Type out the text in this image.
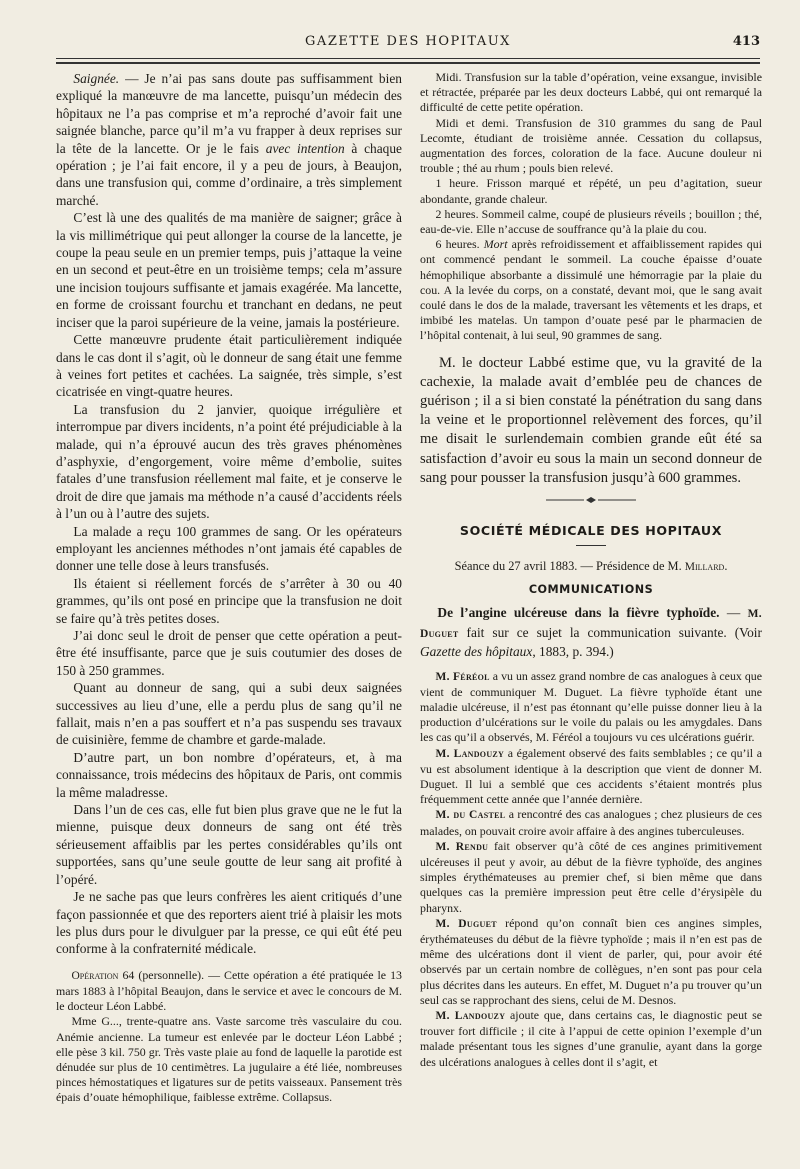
GAZETTE DES HOPITAUX	413

Saignée. — Je n’ai pas sans doute pas suffisamment bien expliqué la manœuvre de ma lancette, puisqu’un médecin des hôpitaux ne l’a pas comprise et m’a reproché d’avoir fait une saignée blanche, parce qu’il m’a vu frapper à deux reprises sur la tête de la lancette. Or je le fais avec intention à chaque opération ; je l’ai fait encore, il y a peu de jours, à Beaujon, dans une transfusion qui, comme d’ordinaire, a très simplement marché.

C’est là une des qualités de ma manière de saigner; grâce à la vis millimétrique qui peut allonger la course de la lancette, je coupe la peau seule en un premier temps, puis j’attaque la veine en un second et peut-être en un troisième temps; cela m’assure une incision toujours suffisante et jamais exagérée. Ma lancette, en forme de croissant fourchu et tranchant en dedans, ne peut inciser que la paroi supérieure de la veine, jamais la postérieure.

Cette manœuvre prudente était particulièrement indiquée dans le cas dont il s’agit, où le donneur de sang était une femme à veines fort petites et cachées. La saignée, très simple, s’est cicatrisée en vingt-quatre heures.

La transfusion du 2 janvier, quoique irrégulière et interrompue par divers incidents, n’a point été préjudiciable à la malade, qui n’a éprouvé aucun des très graves phénomènes d’asphyxie, d’engorgement, voire même d’embolie, suites fatales d’une transfusion réellement mal faite, et je conserve le droit de dire que jamais ma méthode n’a causé d’accidents réels à l’un ou à l’autre des sujets.

La malade a reçu 100 grammes de sang. Or les opérateurs employant les anciennes méthodes n’ont jamais été capables de donner une telle dose à leurs transfusés.

Ils étaient si réellement forcés de s’arrêter à 30 ou 40 grammes, qu’ils ont posé en principe que la transfusion ne doit se faire qu’à très petites doses.

J’ai donc seul le droit de penser que cette opération a peut-être été insuffisante, parce que je suis coutumier des doses de 150 à 250 grammes.

Quant au donneur de sang, qui a subi deux saignées successives au lieu d’une, elle a perdu plus de sang qu’il ne fallait, mais n’en a pas souffert et n’a pas suspendu ses travaux de cuisinière, femme de chambre et garde-malade.

D’autre part, un bon nombre d’opérateurs, et, à ma connaissance, trois médecins des hôpitaux de Paris, ont commis la même maladresse.

Dans l’un de ces cas, elle fut bien plus grave que ne le fut la mienne, puisque deux donneurs de sang ont été très sérieusement affaiblis par les pertes considérables qu’ils ont supportées, sans qu’une seule goutte de leur sang ait profité à l’opéré.

Je ne sache pas que leurs confrères les aient critiqués d’une façon passionnée et que des reporters aient trié à plaisir les mots les plus durs pour le divulguer par la presse, ce qui eût été peu conforme à la confraternité médicale.

Opération 64 (personnelle). — Cette opération a été pratiquée le 13 mars 1883 à l’hôpital Beaujon, dans le service et avec le concours de M. le docteur Léon Labbé.

Mme G..., trente-quatre ans. Vaste sarcome très vasculaire du cou. Anémie ancienne. La tumeur est enlevée par le docteur Léon Labbé ; elle pèse 3 kil. 750 gr. Très vaste plaie au fond de laquelle la parotide est dénudée sur plus de 10 centimètres. La jugulaire a été liée, nombreuses pinces hémostatiques et ligatures sur de petits vaisseaux. Pansement très épais d’ouate hémophilique, faiblesse extrême. Collapsus.

Midi. Transfusion sur la table d’opération, veine exsangue, invisible et rétractée, préparée par les deux docteurs Labbé, qui ont remarqué la difficulté de cette petite opération.

Midi et demi. Transfusion de 310 grammes du sang de Paul Lecomte, étudiant de troisième année. Cessation du collapsus, augmentation des forces, coloration de la face. Aucune douleur ni trouble ; thé au rhum ; pouls bien relevé.

1 heure. Frisson marqué et répété, un peu d’agitation, sueur abondante, grande chaleur.

2 heures. Sommeil calme, coupé de plusieurs réveils ; bouillon ; thé, eau-de-vie. Elle n’accuse de souffrance qu’à la plaie du cou.

6 heures. Mort après refroidissement et affaiblissement rapides qui ont commencé pendant le sommeil. La couche épaisse d’ouate hémophilique absorbante a dissimulé une hémorragie par la plaie du cou. A la levée du corps, on a constaté, devant moi, que le sang avait coulé dans le dos de la malade, traversant les vêtements et les draps, et imbibé les matelas. Un tampon d’ouate pesé par le pharmacien de l’hôpital contenait, à lui seul, 90 grammes de sang.

M. le docteur Labbé estime que, vu la gravité de la cachexie, la malade avait d’emblée peu de chances de guérison ; il a si bien constaté la pénétration du sang dans la veine et le proportionnel relèvement des forces, qu’il me disait le surlendemain combien grande eût été sa satisfaction d’avoir eu sous la main un second donneur de sang pour pousser la transfusion jusqu’à 600 grammes.

SOCIÉTÉ MÉDICALE DES HOPITAUX

Séance du 27 avril 1883. — Présidence de M. Millard.

COMMUNICATIONS

De l’angine ulcéreuse dans la fièvre typhoïde. — M. Duguet fait sur ce sujet la communication suivante. (Voir Gazette des hôpitaux, 1883, p. 394.)

M. Féréol a vu un assez grand nombre de cas analogues à ceux que vient de communiquer M. Duguet. La fièvre typhoïde étant une maladie ulcéreuse, il n’est pas étonnant qu’elle puisse donner lieu à la production d’ulcérations sur le voile du palais ou les amygdales. Dans les cas qu’il a observés, M. Féréol a toujours vu ces ulcérations guérir.

M. Landouzy a également observé des faits semblables ; ce qu’il a vu est absolument identique à la description que vient de donner M. Duguet. Il lui a semblé que ces accidents s’étaient montrés plus fréquemment cette année que l’année dernière.

M. du Castel a rencontré des cas analogues ; chez plusieurs de ces malades, on pouvait croire avoir affaire à des angines tuberculeuses.

M. Rendu fait observer qu’à côté de ces angines primitivement ulcéreuses il peut y avoir, au début de la fièvre typhoïde, des angines simples érythémateuses au premier chef, si bien même que dans quelques cas la première impression peut être celle d’érysipèle du pharynx.

M. Duguet répond qu’on connaît bien ces angines simples, érythémateuses du début de la fièvre typhoïde ; mais il n’en est pas de même des ulcérations dont il vient de parler, qui, pour avoir été observés par un certain nombre de collègues, n’en sont pas pour cela plus décrites dans les auteurs. En effet, M. Duguet n’a pu trouver qu’un seul cas se rapprochant des siens, celui de M. Desnos.

M. Landouzy ajoute que, dans certains cas, le diagnostic peut se trouver fort difficile ; il cite à l’appui de cette opinion l’exemple d’un malade présentant tous les signes d’une granulie, ayant dans la gorge des ulcérations analogues à celles dont il s’agit, et
